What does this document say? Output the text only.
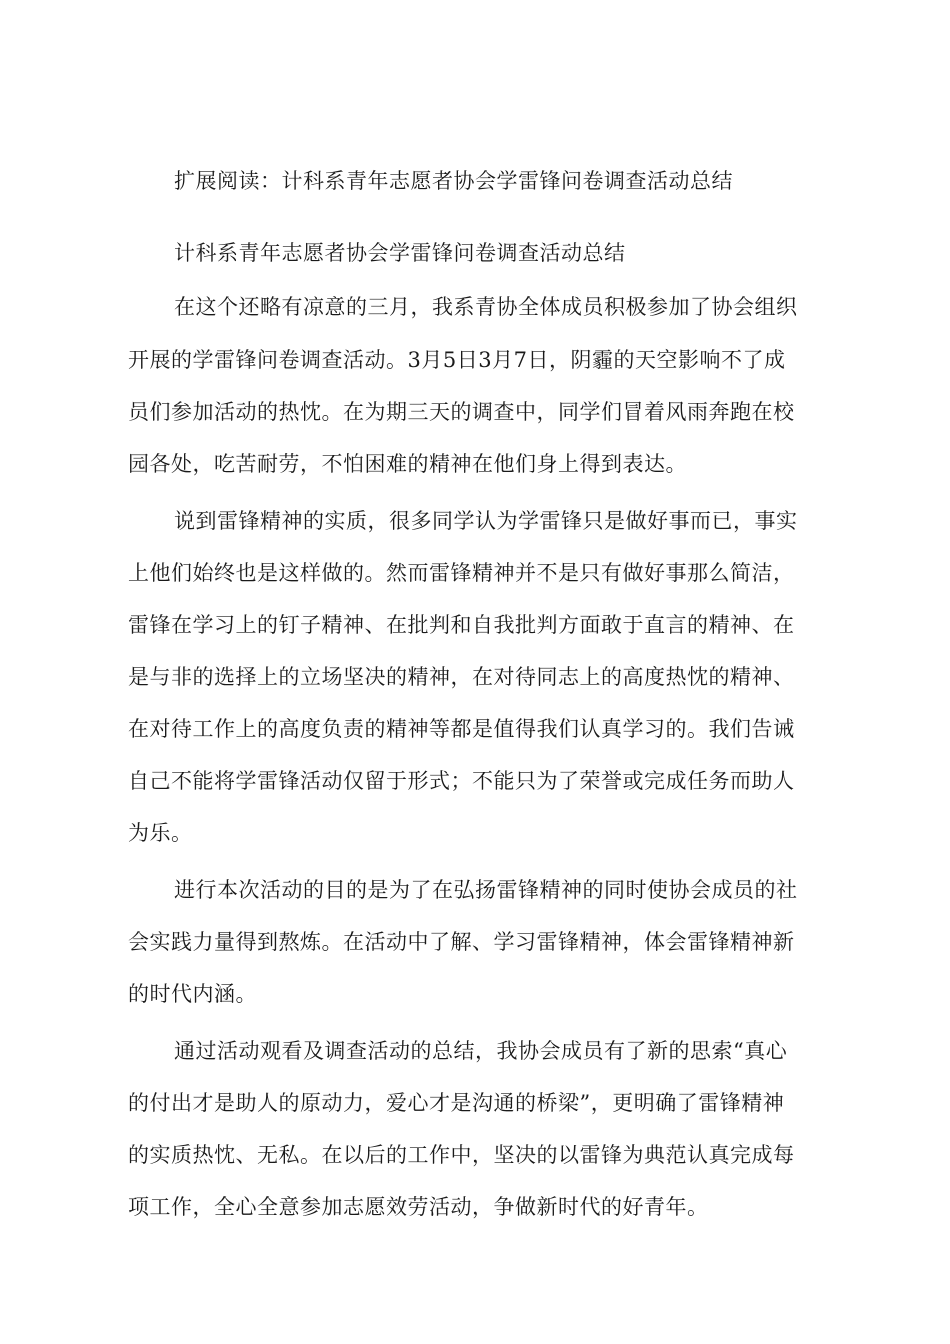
扩展阅读：计科系青年志愿者协会学雷锋问卷调查活动总结
计科系青年志愿者协会学雷锋问卷调查活动总结
在这个还略有凉意的三月，我系青协全体成员积极参加了协会组织
开展的学雷锋问卷调查活动。3月5日3月7日，阴霾的天空影响不了成
员们参加活动的热忱。在为期三天的调查中，同学们冒着风雨奔跑在校
园各处，吃苦耐劳，不怕困难的精神在他们身上得到表达。
说到雷锋精神的实质，很多同学认为学雷锋只是做好事而已，事实
上他们始终也是这样做的。然而雷锋精神并不是只有做好事那么简洁，
雷锋在学习上的钉子精神、在批判和自我批判方面敢于直言的精神、在
是与非的选择上的立场坚决的精神，在对待同志上的高度热忱的精神、
在对待工作上的高度负责的精神等都是值得我们认真学习的。我们告诫
自己不能将学雷锋活动仅留于形式；不能只为了荣誉或完成任务而助人
为乐。
进行本次活动的目的是为了在弘扬雷锋精神的同时使协会成员的社
会实践力量得到熬炼。在活动中了解、学习雷锋精神，体会雷锋精神新
的时代内涵。
通过活动观看及调查活动的总结，我协会成员有了新的思索“真心
的付出才是助人的原动力，爱心才是沟通的桥梁”，更明确了雷锋精神
的实质热忱、无私。在以后的工作中，坚决的以雷锋为典范认真完成每
项工作，全心全意参加志愿效劳活动，争做新时代的好青年。
